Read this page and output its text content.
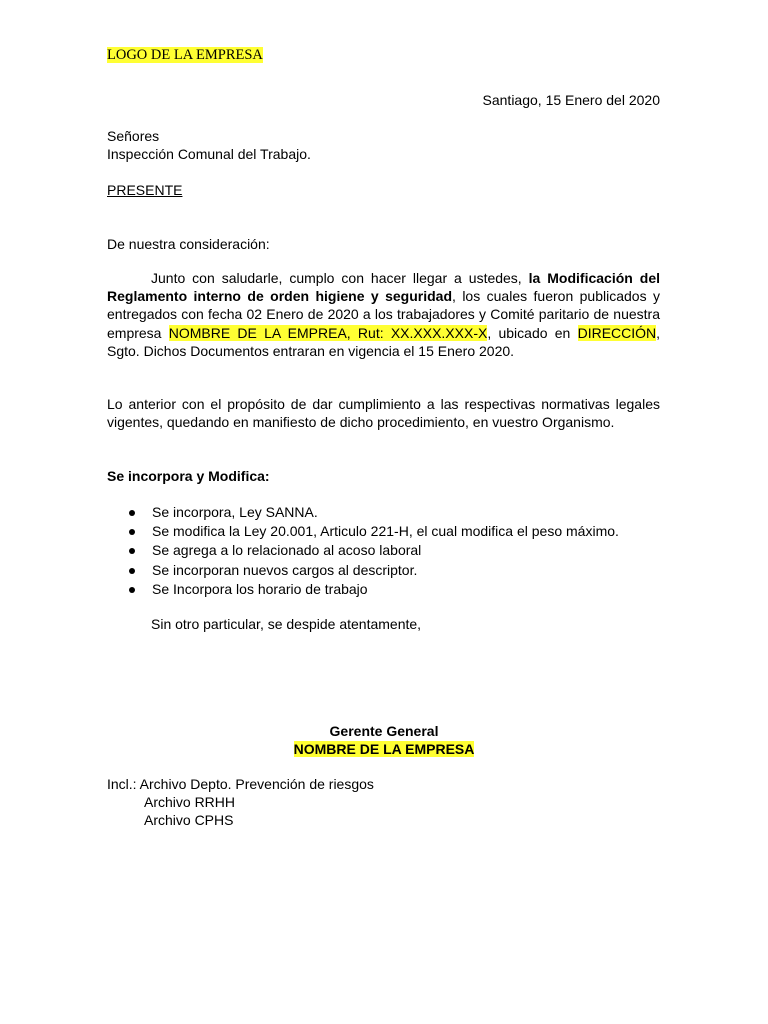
LOGO DE LA EMPRESA
Santiago, 15 Enero del 2020
Señores
Inspección Comunal del Trabajo.
PRESENTE
De nuestra consideración:
Junto con saludarle, cumplo con hacer llegar a ustedes, la Modificación del Reglamento interno de orden higiene y seguridad, los cuales fueron publicados y entregados con fecha 02 Enero de 2020 a los trabajadores y Comité paritario de nuestra empresa NOMBRE DE LA EMPREA, Rut: XX.XXX.XXX-X, ubicado en DIRECCIÓN, Sgto. Dichos Documentos entraran en vigencia el 15 Enero 2020.
Lo anterior con el propósito de dar cumplimiento a las respectivas normativas legales vigentes, quedando en manifiesto de dicho procedimiento, en vuestro Organismo.
Se incorpora y Modifica:
Se incorpora, Ley SANNA.
Se modifica la Ley 20.001, Articulo 221-H, el cual modifica el peso máximo.
Se agrega a lo relacionado al acoso laboral
Se incorporan nuevos cargos al descriptor.
Se Incorpora los horario de trabajo
Sin otro particular, se despide atentamente,
Gerente General
NOMBRE DE LA EMPRESA
Incl.: Archivo Depto. Prevención de riesgos
Archivo RRHH
Archivo CPHS
